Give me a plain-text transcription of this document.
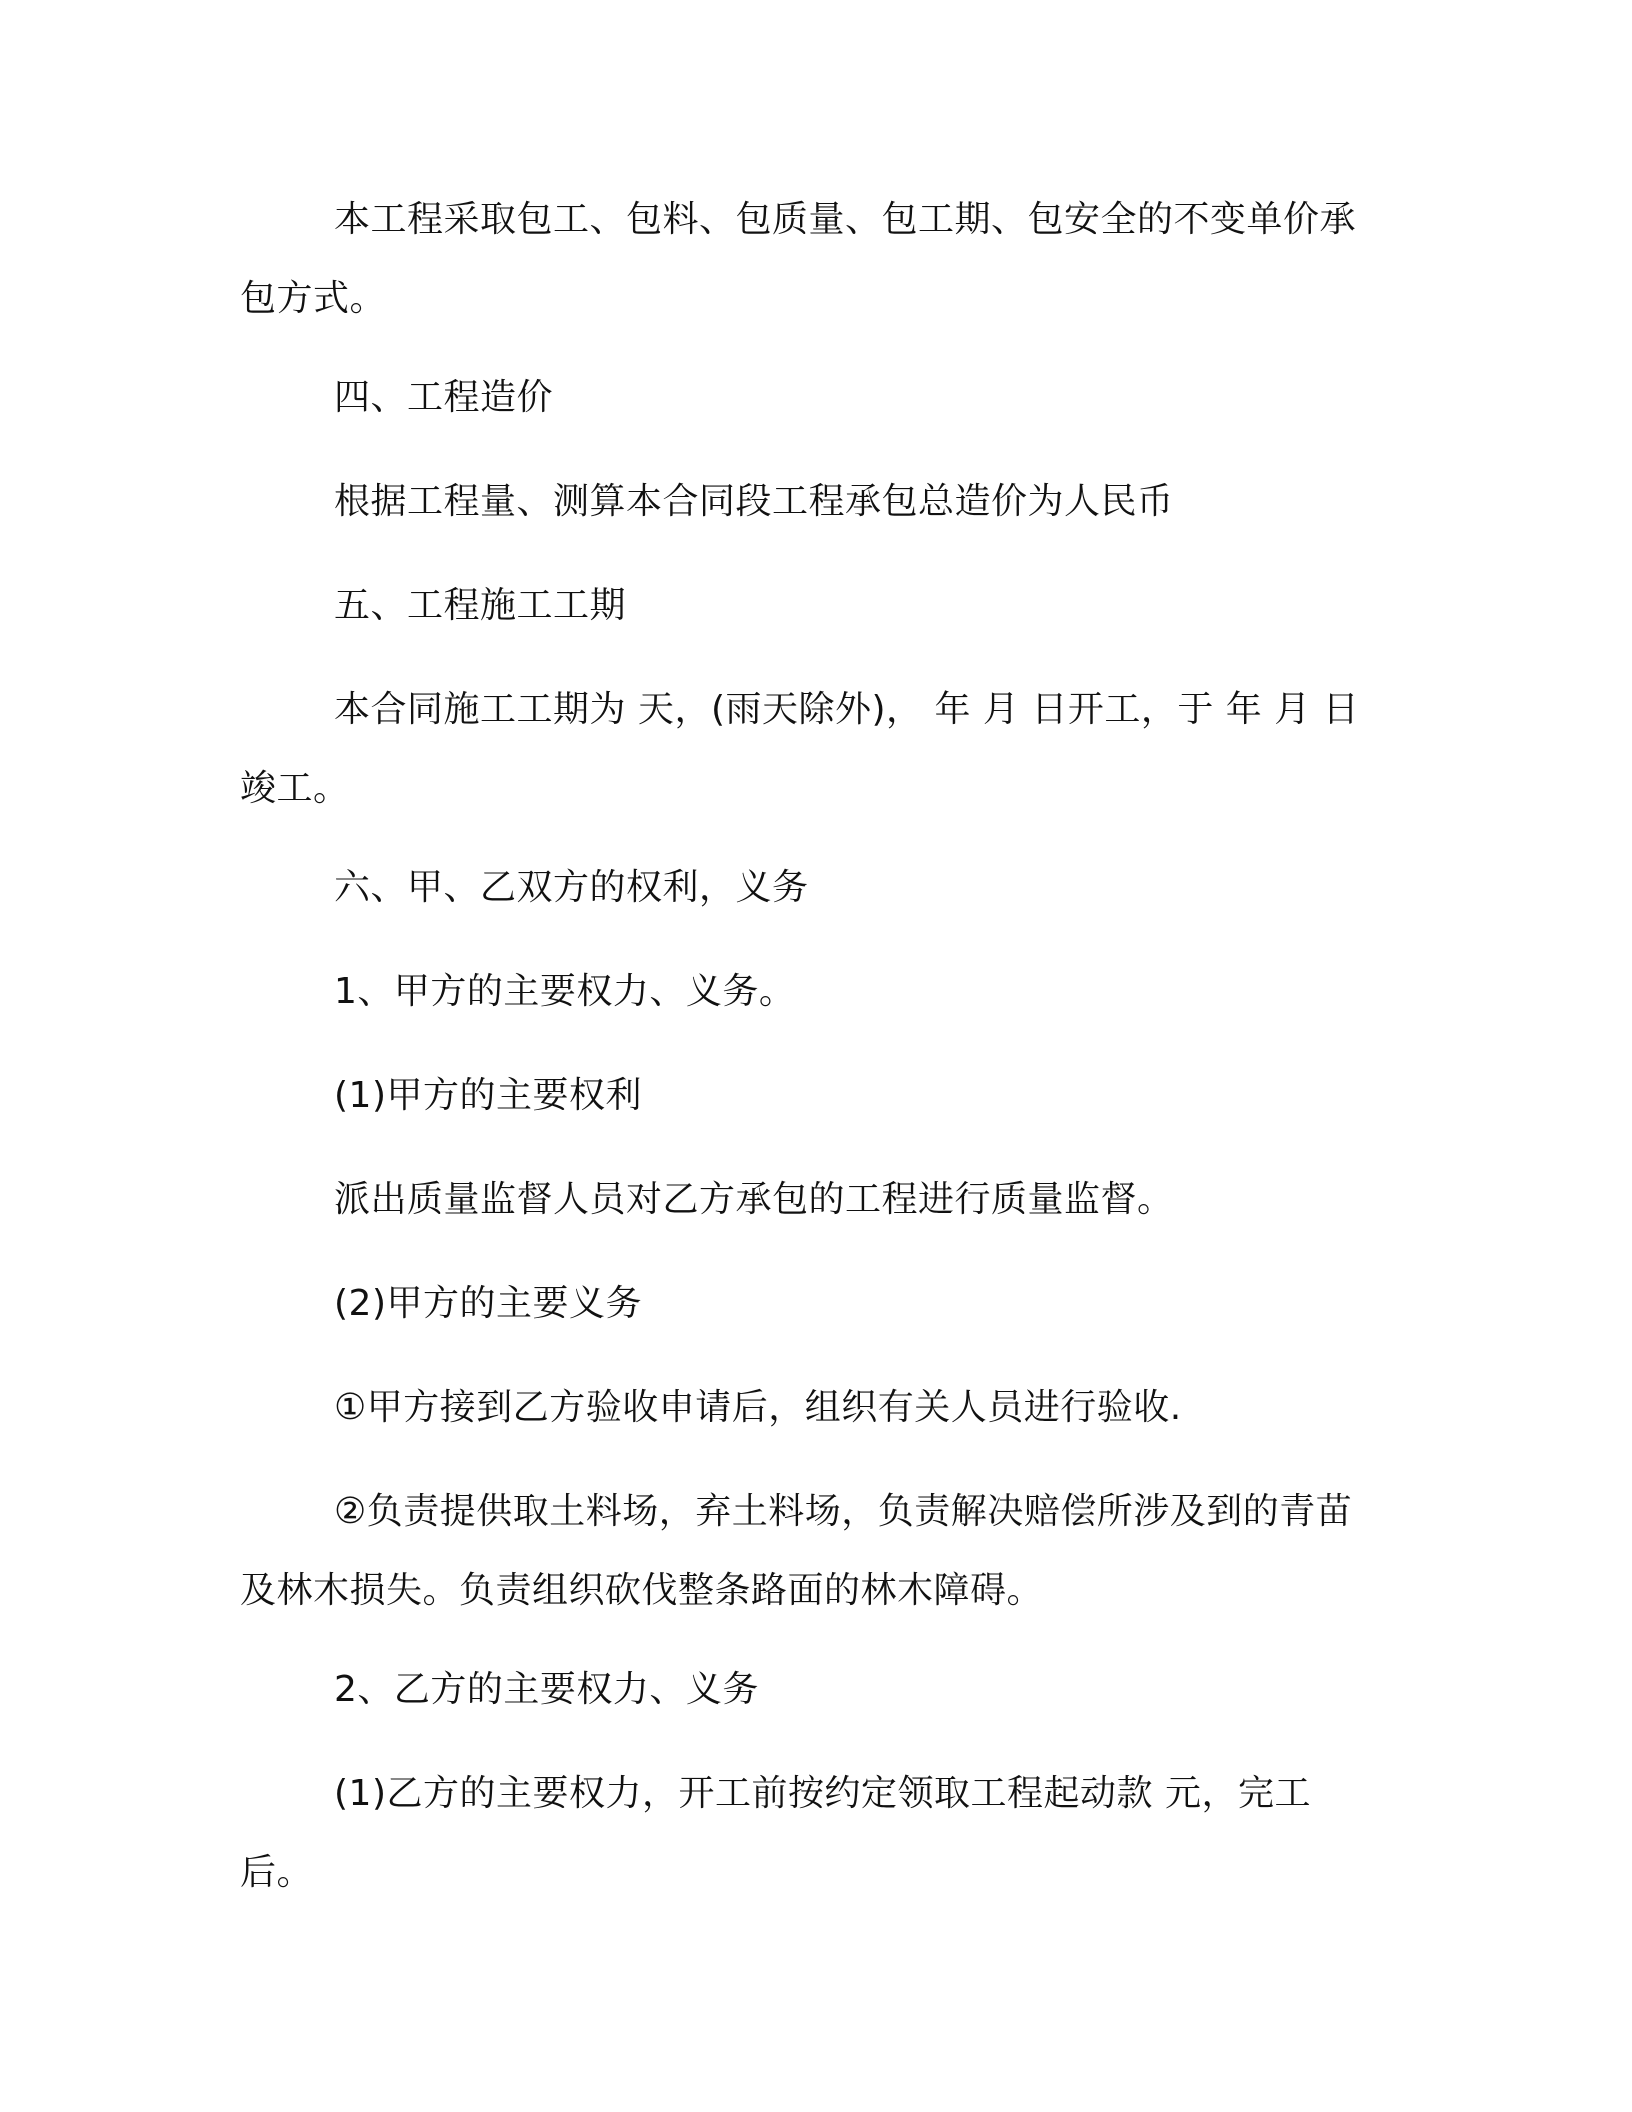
本工程采取包工、包料、包质量、包工期、包安全的不变单价承包方式。

四、工程造价

根据工程量、测算本合同段工程承包总造价为人民币

五、工程施工工期

本合同施工工期为 天，(雨天除外)， 年 月 日开工，于 年 月 日竣工。

六、甲、乙双方的权利，义务

1、甲方的主要权力、义务。

(1)甲方的主要权利

派出质量监督人员对乙方承包的工程进行质量监督。

(2)甲方的主要义务

①甲方接到乙方验收申请后，组织有关人员进行验收.

②负责提供取土料场，弃土料场，负责解决赔偿所涉及到的青苗及林木损失。负责组织砍伐整条路面的林木障碍。

2、乙方的主要权力、义务

(1)乙方的主要权力，开工前按约定领取工程起动款 元，完工后。
